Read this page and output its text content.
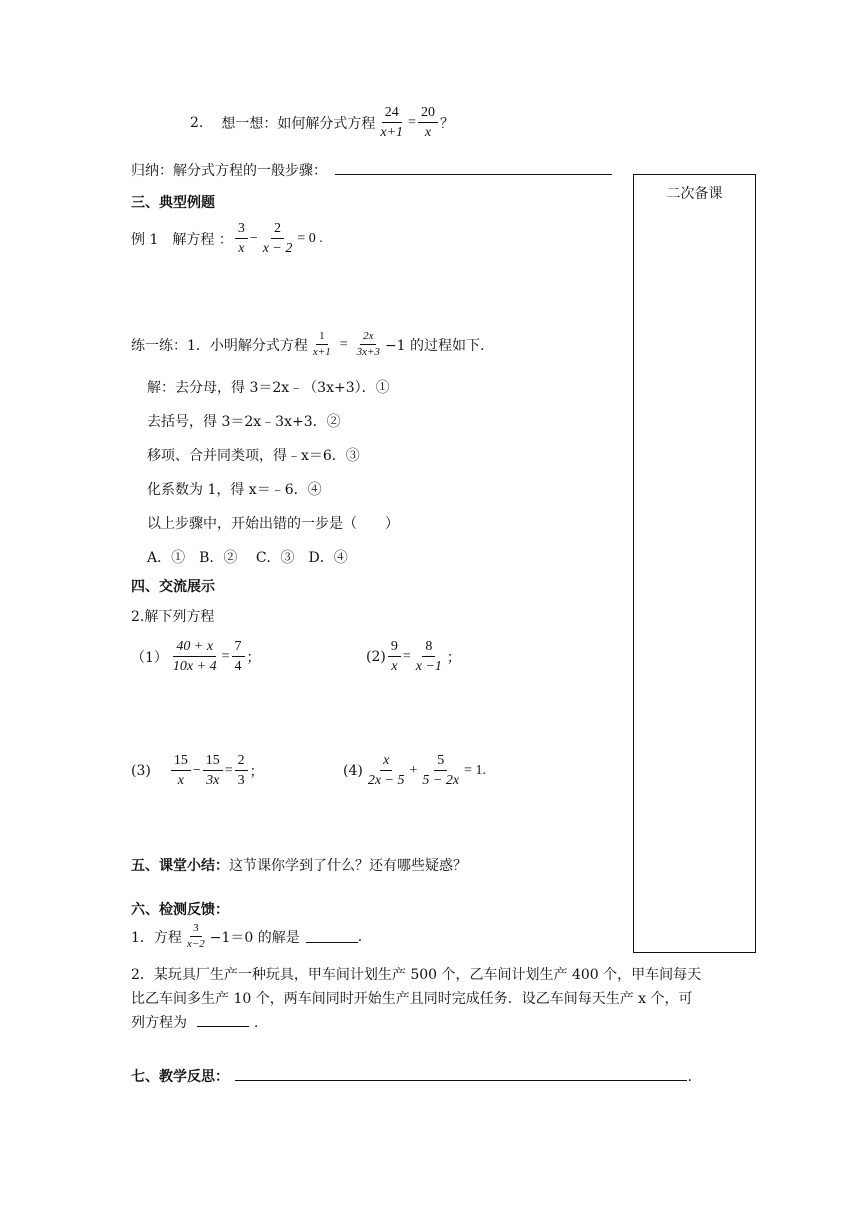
2. 想一想：如何解分式方程 $\frac{24}{x+1} = \frac{20}{x}$ ？
归纳：解分式方程的一般步骤：
二次备课
三、典型例题
例 1　解方程 ： $\frac{3}{x} - \frac{2}{x - 2} = 0$ .
练一练：1．小明解分式方程 $\frac{1}{x+1} = \frac{2x}{3x+3} -1$ 的过程如下.
解：去分母，得 3＝2x﹣（3x+3）．①
去括号，得 3＝2x﹣3x+3．②
移项、合并同类项，得﹣x＝6．③
化系数为 1，得 x＝﹣6．④
以上步骤中，开始出错的一步是（　　）
A．①　B．②　 C．③　D．④
四、交流展示
2.解下列方程
$(1) \frac{40 + x}{10x + 4} = \frac{7}{4}$ ；	$(2) \frac{9}{x} = \frac{8}{x -1}$ ；
$(3) \frac{15}{x} - \frac{15}{3x} = \frac{2}{3}$ ；	$(4) \frac{x}{2x - 5} + \frac{5}{5 - 2x} = 1$.
五、课堂小结：这节课你学到了什么？还有哪些疑惑？
六、检测反馈：
1．方程 $\frac{3}{x-2} -1=0$ 的解是	.
2．某玩具厂生产一种玩具，甲车间计划生产 500 个，乙车间计划生产 400 个，甲车间每天
比乙车间多生产 10 个，两车间同时开始生产且同时完成任务．设乙车间每天生产 x 个，可
列方程为	.
七、教学反思：	.
